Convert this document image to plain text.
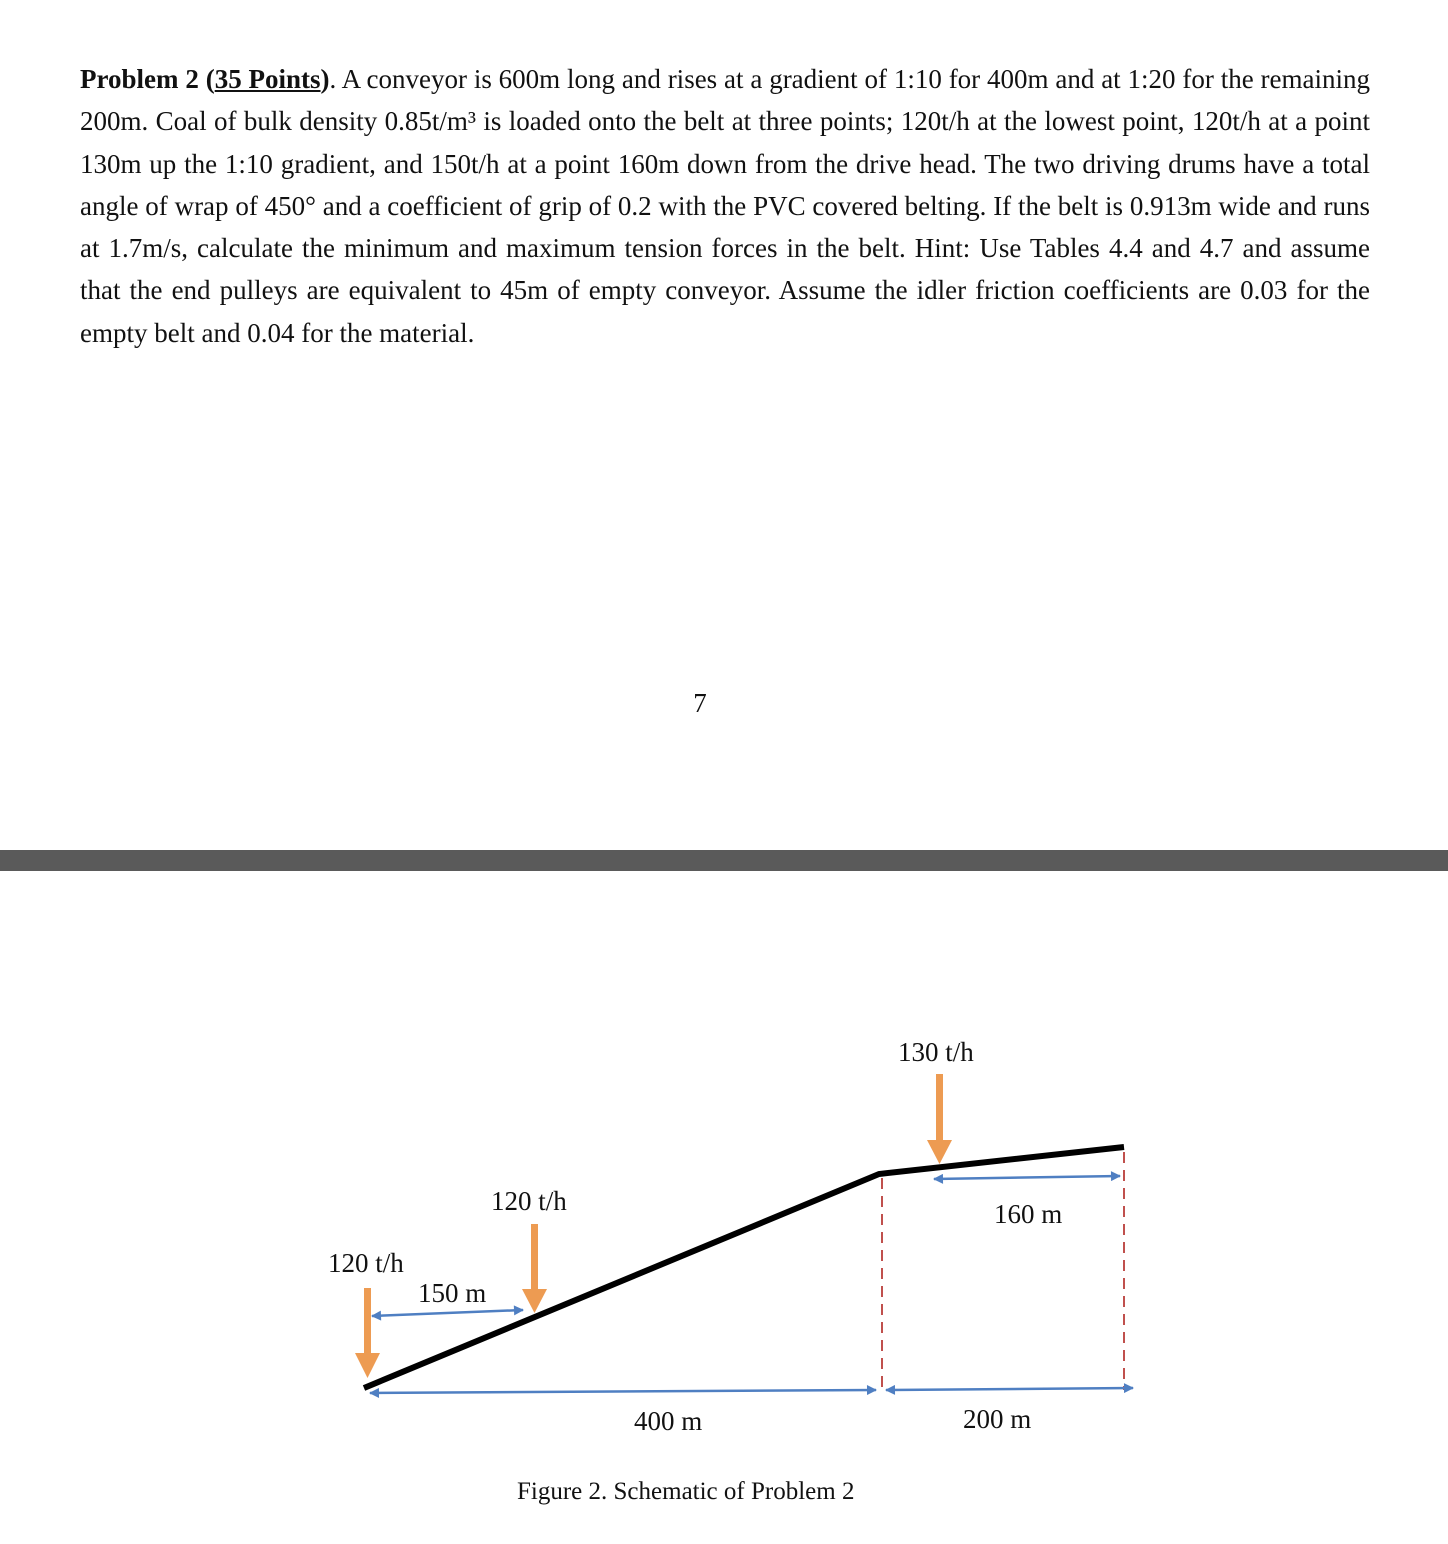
Problem 2 (35 Points). A conveyor is 600m long and rises at a gradient of 1:10 for 400m and at 1:20 for the remaining 200m. Coal of bulk density 0.85t/m³ is loaded onto the belt at three points; 120t/h at the lowest point, 120t/h at a point 130m up the 1:10 gradient, and 150t/h at a point 160m down from the drive head. The two driving drums have a total angle of wrap of 450° and a coefficient of grip of 0.2 with the PVC covered belting. If the belt is 0.913m wide and runs at 1.7m/s, calculate the minimum and maximum tension forces in the belt. Hint: Use Tables 4.4 and 4.7 and assume that the end pulleys are equivalent to 45m of empty conveyor. Assume the idler friction coefficients are 0.03 for the empty belt and 0.04 for the material.
7
120 t/h
120 t/h
130 t/h
150 m
400 m	200 m
160 m
Figure 2. Schematic of Problem 2
